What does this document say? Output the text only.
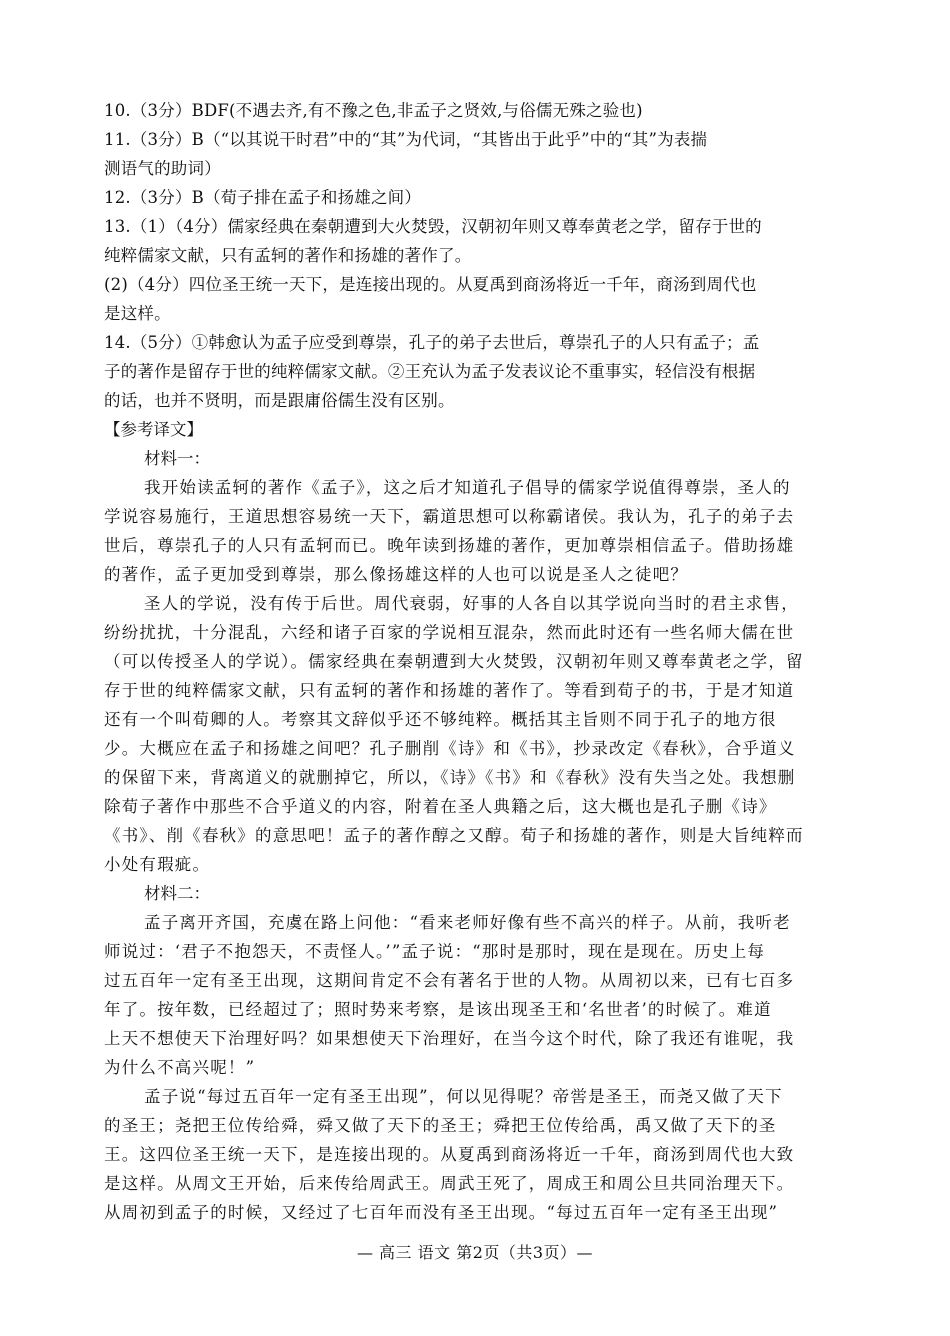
10.（3分）BDF(不遇去齐,有不豫之色,非孟子之贤效,与俗儒无殊之验也)
11.（3分）B（“以其说干时君”中的“其”为代词，“其皆出于此乎”中的“其”为表揣
测语气的助词）
12.（3分）B（荀子排在孟子和扬雄之间）
13.（1）（4分）儒家经典在秦朝遭到大火焚毁，汉朝初年则又尊奉黄老之学，留存于世的
纯粹儒家文献，只有孟轲的著作和扬雄的著作了。
(2)（4分）四位圣王统一天下，是连接出现的。从夏禹到商汤将近一千年，商汤到周代也
是这样。
14.（5分）①韩愈认为孟子应受到尊崇，孔子的弟子去世后，尊崇孔子的人只有孟子；孟
子的著作是留存于世的纯粹儒家文献。②王充认为孟子发表议论不重事实，轻信没有根据
的话，也并不贤明，而是跟庸俗儒生没有区别。
【参考译文】
材料一：
我开始读孟轲的著作《孟子》，这之后才知道孔子倡导的儒家学说值得尊崇，圣人的
学说容易施行，王道思想容易统一天下，霸道思想可以称霸诸侯。我认为，孔子的弟子去
世后，尊崇孔子的人只有孟轲而已。晚年读到扬雄的著作，更加尊崇相信孟子。借助扬雄
的著作，孟子更加受到尊崇，那么像扬雄这样的人也可以说是圣人之徒吧？
圣人的学说，没有传于后世。周代衰弱，好事的人各自以其学说向当时的君主求售，
纷纷扰扰，十分混乱，六经和诸子百家的学说相互混杂，然而此时还有一些名师大儒在世
（可以传授圣人的学说）。儒家经典在秦朝遭到大火焚毁，汉朝初年则又尊奉黄老之学，留
存于世的纯粹儒家文献，只有孟轲的著作和扬雄的著作了。等看到荀子的书，于是才知道
还有一个叫荀卿的人。考察其文辞似乎还不够纯粹。概括其主旨则不同于孔子的地方很
少。大概应在孟子和扬雄之间吧？孔子删削《诗》和《书》，抄录改定《春秋》，合乎道义
的保留下来，背离道义的就删掉它，所以，《诗》《书》和《春秋》没有失当之处。我想删
除荀子著作中那些不合乎道义的内容，附着在圣人典籍之后，这大概也是孔子删《诗》
《书》、削《春秋》的意思吧！孟子的著作醇之又醇。荀子和扬雄的著作，则是大旨纯粹而
小处有瑕疵。
材料二：
孟子离开齐国，充虞在路上问他：“看来老师好像有些不高兴的样子。从前，我听老
师说过：‘君子不抱怨天，不责怪人。’”孟子说：“那时是那时，现在是现在。历史上每
过五百年一定有圣王出现，这期间肯定不会有著名于世的人物。从周初以来，已有七百多
年了。按年数，已经超过了；照时势来考察，是该出现圣王和‘名世者’的时候了。难道
上天不想使天下治理好吗？如果想使天下治理好，在当今这个时代，除了我还有谁呢，我
为什么不高兴呢！”
孟子说“每过五百年一定有圣王出现”，何以见得呢？帝喾是圣王，而尧又做了天下
的圣王；尧把王位传给舜，舜又做了天下的圣王；舜把王位传给禹，禹又做了天下的圣
王。这四位圣王统一天下，是连接出现的。从夏禹到商汤将近一千年，商汤到周代也大致
是这样。从周文王开始，后来传给周武王。周武王死了，周成王和周公旦共同治理天下。
从周初到孟子的时候，又经过了七百年而没有圣王出现。“每过五百年一定有圣王出现”
— 高三 语文 第2页（共3页）—
